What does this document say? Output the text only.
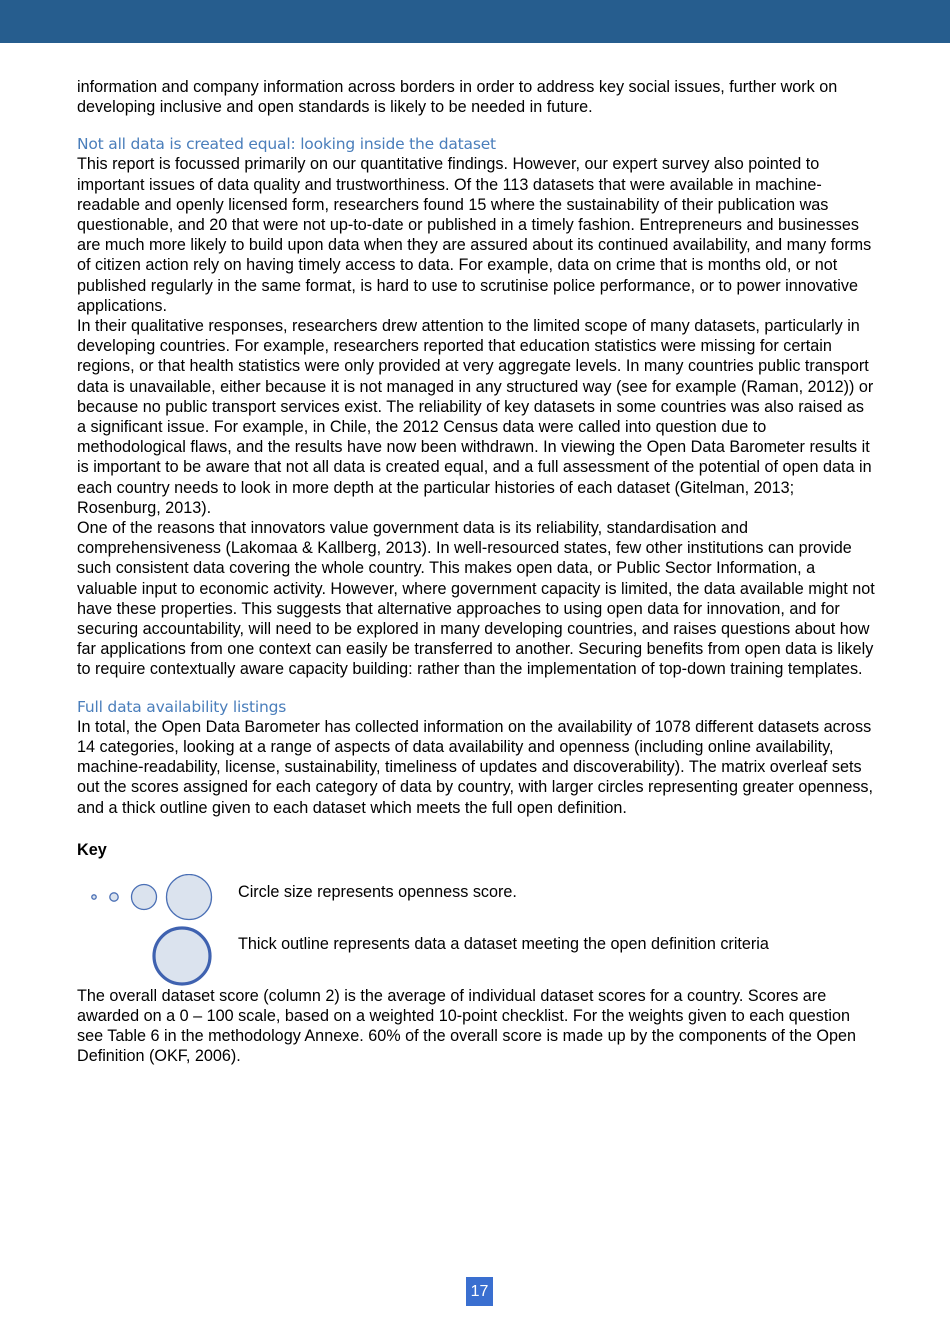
information and company information across borders in order to address key social issues, further work on developing inclusive and open standards is likely to be needed in future.

Not all data is created equal: looking inside the dataset

This report is focussed primarily on our quantitative findings. However, our expert survey also pointed to important issues of data quality and trustworthiness. Of the 113 datasets that were available in machine-readable and openly licensed form, researchers found 15 where the sustainability of their publication was questionable, and 20 that were not up-to-date or published in a timely fashion. Entrepreneurs and businesses are much more likely to build upon data when they are assured about its continued availability, and many forms of citizen action rely on having timely access to data. For example, data on crime that is months old, or not published regularly in the same format, is hard to use to scrutinise police performance, or to power innovative applications.

In their qualitative responses, researchers drew attention to the limited scope of many datasets, particularly in developing countries. For example, researchers reported that education statistics were missing for certain regions, or that health statistics were only provided at very aggregate levels. In many countries public transport data is unavailable, either because it is not managed in any structured way (see for example (Raman, 2012)) or because no public transport services exist. The reliability of key datasets in some countries was also raised as a significant issue. For example, in Chile, the 2012 Census data were called into question due to methodological flaws, and the results have now been withdrawn. In viewing the Open Data Barometer results it is important to be aware that not all data is created equal, and a full assessment of the potential of open data in each country needs to look in more depth at the particular histories of each dataset (Gitelman, 2013; Rosenburg, 2013).

One of the reasons that innovators value government data is its reliability, standardisation and comprehensiveness (Lakomaa & Kallberg, 2013). In well-resourced states, few other institutions can provide such consistent data covering the whole country. This makes open data, or Public Sector Information, a valuable input to economic activity. However, where government capacity is limited, the data available might not have these properties. This suggests that alternative approaches to using open data for innovation, and for securing accountability, will need to be explored in many developing countries, and raises questions about how far applications from one context can easily be transferred to another. Securing benefits from open data is likely to require contextually aware capacity building: rather than the implementation of top-down training templates.

Full data availability listings

In total, the Open Data Barometer has collected information on the availability of 1078 different datasets across 14 categories, looking at a range of aspects of data availability and openness (including online availability, machine-readability, license, sustainability, timeliness of updates and discoverability). The matrix overleaf sets out the scores assigned for each category of data by country, with larger circles representing greater openness, and a thick outline given to each dataset which meets the full open definition.

Key
Circle size represents openness score.
Thick outline represents data a dataset meeting the open definition criteria

The overall dataset score (column 2) is the average of individual dataset scores for a country. Scores are awarded on a 0 – 100 scale, based on a weighted 10-point checklist. For the weights given to each question see Table 6 in the methodology Annexe. 60% of the overall score is made up by the components of the Open Definition (OKF, 2006).

17
